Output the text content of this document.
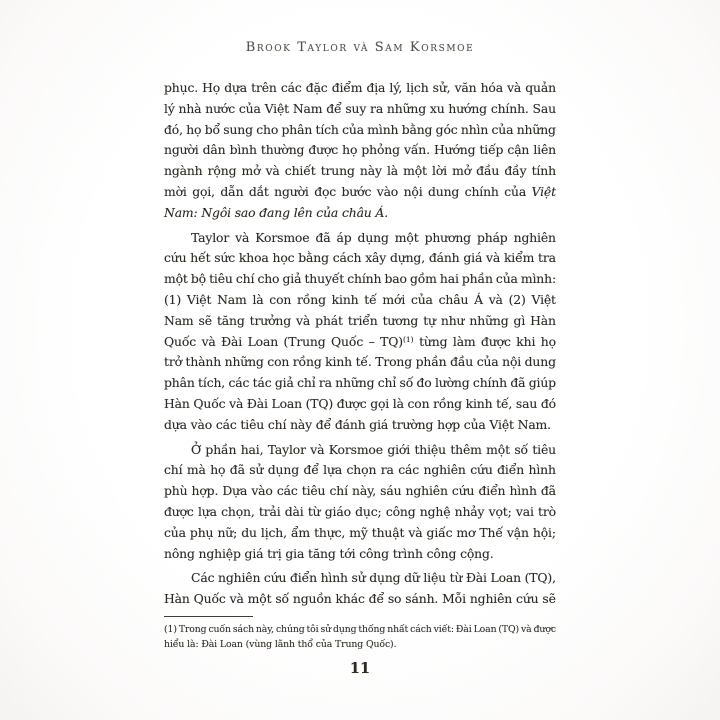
Brook Taylor và Sam Korsmoe
phục. Họ dựa trên các đặc điểm địa lý, lịch sử, văn hóa và quản
lý nhà nước của Việt Nam để suy ra những xu hướng chính. Sau
đó, họ bổ sung cho phân tích của mình bằng góc nhìn của những
người dân bình thường được họ phỏng vấn. Hướng tiếp cận liên
ngành rộng mở và chiết trung này là một lời mở đầu đầy tính
mời gọi, dẫn dắt người đọc bước vào nội dung chính của Việt
Nam: Ngôi sao đang lên của châu Á.
Taylor và Korsmoe đã áp dụng một phương pháp nghiên
cứu hết sức khoa học bằng cách xây dựng, đánh giá và kiểm tra
một bộ tiêu chí cho giả thuyết chính bao gồm hai phần của mình:
(1) Việt Nam là con rồng kinh tế mới của châu Á và (2) Việt
Nam sẽ tăng trưởng và phát triển tương tự như những gì Hàn
Quốc và Đài Loan (Trung Quốc – TQ)$^{(1)}$ từng làm được khi họ
trở thành những con rồng kinh tế. Trong phần đầu của nội dung
phân tích, các tác giả chỉ ra những chỉ số đo lường chính đã giúp
Hàn Quốc và Đài Loan (TQ) được gọi là con rồng kinh tế, sau đó
dựa vào các tiêu chí này để đánh giá trường hợp của Việt Nam.
Ở phần hai, Taylor và Korsmoe giới thiệu thêm một số tiêu
chí mà họ đã sử dụng để lựa chọn ra các nghiên cứu điển hình
phù hợp. Dựa vào các tiêu chí này, sáu nghiên cứu điển hình đã
được lựa chọn, trải dài từ giáo dục; công nghệ nhảy vọt; vai trò
của phụ nữ; du lịch, ẩm thực, mỹ thuật và giấc mơ Thế vận hội;
nông nghiệp giá trị gia tăng tới công trình công cộng.
Các nghiên cứu điển hình sử dụng dữ liệu từ Đài Loan (TQ),
Hàn Quốc và một số nguồn khác để so sánh. Mỗi nghiên cứu sẽ
(1) Trong cuốn sách này, chúng tôi sử dụng thống nhất cách viết: Đài Loan (TQ) và được
hiểu là: Đài Loan (vùng lãnh thổ của Trung Quốc).
11
